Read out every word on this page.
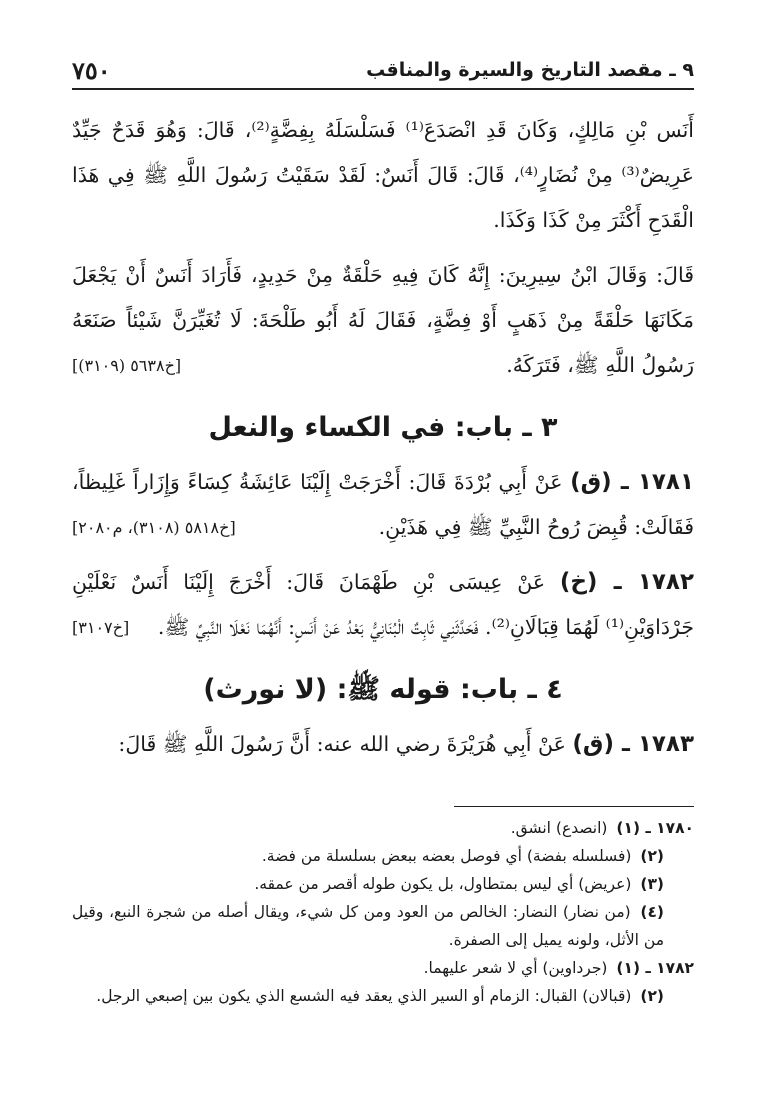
٩ ـ مقصد التاريخ والسيرة والمناقب
٧٥٠

أَنَس بْنِ مَالِكٍ، وَكَانَ قَدِ انْصَدَعَ⁽¹⁾ فَسَلْسَلَهُ بِفِضَّةٍ⁽²⁾، قَالَ: وَهُوَ قَدَحٌ جَيِّدٌ عَرِيضٌ⁽³⁾ مِنْ نُضَارٍ⁽⁴⁾، قَالَ: قَالَ أَنَسٌ: لَقَدْ سَقَيْتُ رَسُولَ اللَّهِ ﷺ فِي هَذَا الْقَدَحِ أَكْثَرَ مِنْ كَذَا وَكَذَا.

قَالَ: وَقَالَ ابْنُ سِيرِينَ: إِنَّهُ كَانَ فِيهِ حَلْقَةٌ مِنْ حَدِيدٍ، فَأَرَادَ أَنَسٌ أَنْ يَجْعَلَ مَكَانَهَا حَلْقَةً مِنْ ذَهَبٍ أَوْ فِضَّةٍ، فَقَالَ لَهُ أَبُو طَلْحَةَ: لَا تُغَيِّرَنَّ شَيْئاً صَنَعَهُ رَسُولُ اللَّهِ ﷺ، فَتَرَكَهُ.
[خ٥٦٣٨ (٣١٠٩)]

٣ ـ باب: في الكساء والنعل

١٧٨١ ـ (ق) عَنْ أَبِي بُرْدَةَ قَالَ: أَخْرَجَتْ إِلَيْنَا عَائِشَةُ كِسَاءً وَإِزَاراً غَلِيظاً، فَقَالَتْ: قُبِضَ رُوحُ النَّبِيِّ ﷺ فِي هَذَيْنِ.
[خ٥٨١٨ (٣١٠٨)، م٢٠٨٠]

١٧٨٢ ـ (خ) عَنْ عِيسَى بْنِ طَهْمَانَ قَالَ: أَخْرَجَ إِلَيْنَا أَنَسٌ نَعْلَيْنِ جَرْدَاوَيْنِ⁽¹⁾ لَهُمَا قِبَالَانِ⁽²⁾. فَحَدَّثَنِي ثَابِتٌ الْبُنَانِيُّ بَعْدُ عَنْ أَنَسٍ: أَنَّهُمَا نَعْلَا النَّبِيِّ ﷺ.
[خ٣١٠٧]

٤ ـ باب: قوله ﷺ: (لا نورث)

١٧٨٣ ـ (ق) عَنْ أَبِي هُرَيْرَةَ رضي الله عنه: أَنَّ رَسُولَ اللَّهِ ﷺ قَالَ:

١٧٨٠ ـ (١) (انصدع) انشق.

(٢) (فسلسله بفضة) أي فوصل بعضه ببعض بسلسلة من فضة.

(٣) (عريض) أي ليس بمتطاول، بل يكون طوله أقصر من عمقه.

(٤) (من نضار) النضار: الخالص من العود ومن كل شيء، ويقال أصله من شجرة النبع، وقيل من الأثل، ولونه يميل إلى الصفرة.

١٧٨٢ ـ (١) (جرداوين) أي لا شعر عليهما.

(٢) (قبالان) القبال: الزمام أو السير الذي يعقد فيه الشسع الذي يكون بين إصبعي الرجل.
